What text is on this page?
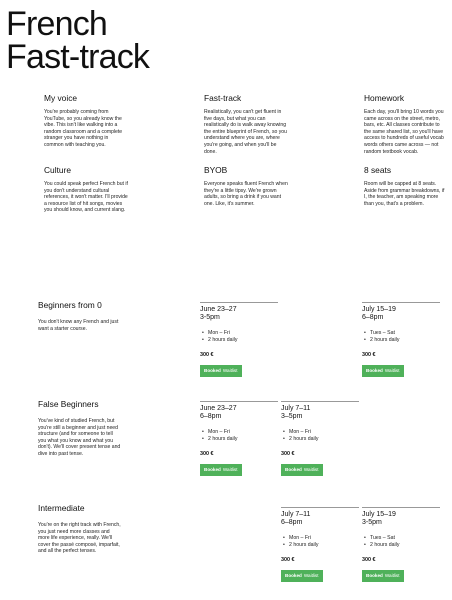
French
Fast-track
My voice

You're probably coming from YouTube, so you already know the vibe. This isn't like walking into a random classroom and a complete stranger you have nothing in common with teaching you.

Fast-track

Realistically, you can't get fluent in five days, but what you can realistically do is walk away knowing the entire blueprint of French, so you understand where you are, where you're going, and when you'll be done.

Homework

Each day, you'll bring 10 words you came across on the street, metro, bars, etc. All classes contribute to the same shared list, so you'll have access to hundreds of useful vocab words others came across — not random textbook vocab.

Culture

You could speak perfect French but if you don't understand cultural references, it won't matter. I'll provide a resource list of hit songs, movies you should know, and current slang.

BYOB

Everyone speaks fluent French when they're a little tipsy. We're grown adults, so bring a drink if you want one. Like, it's summer.

8 seats

Room will be capped at 8 seats. Aside from grammar breakdowns, if I, the teacher, am speaking more than you, that's a problem.

Beginners from 0

You don't know any French and just want a starter course.

June 23–27
3-5pm
• Mon – Fri
• 2 hours daily
300 €
Booked Waitlist
July 15–19
6–8pm
• Tues – Sat
• 2 hours daily
300 €
Booked Waitlist
False Beginners

You've kind of studied French, but you're still a beginner and just need structure (and for someone to tell you what you know and what you don't). We'll cover present tense and dive into past tense.

June 23–27
6–8pm
• Mon – Fri
• 2 hours daily
300 €
Booked Waitlist
July 7–11
3–5pm
• Mon – Fri
• 2 hours daily
300 €
Booked Waitlist
Intermediate

You're on the right track with French, you just need more classes and more life experience, really. We'll cover the passé composé, imparfait, and all the perfect tenses.

July 7–11
6–8pm
• Mon – Fri
• 2 hours daily
300 €
Booked Waitlist
July 15–19
3-5pm
• Tues – Sat
• 2 hours daily
300 €
Booked Waitlist
